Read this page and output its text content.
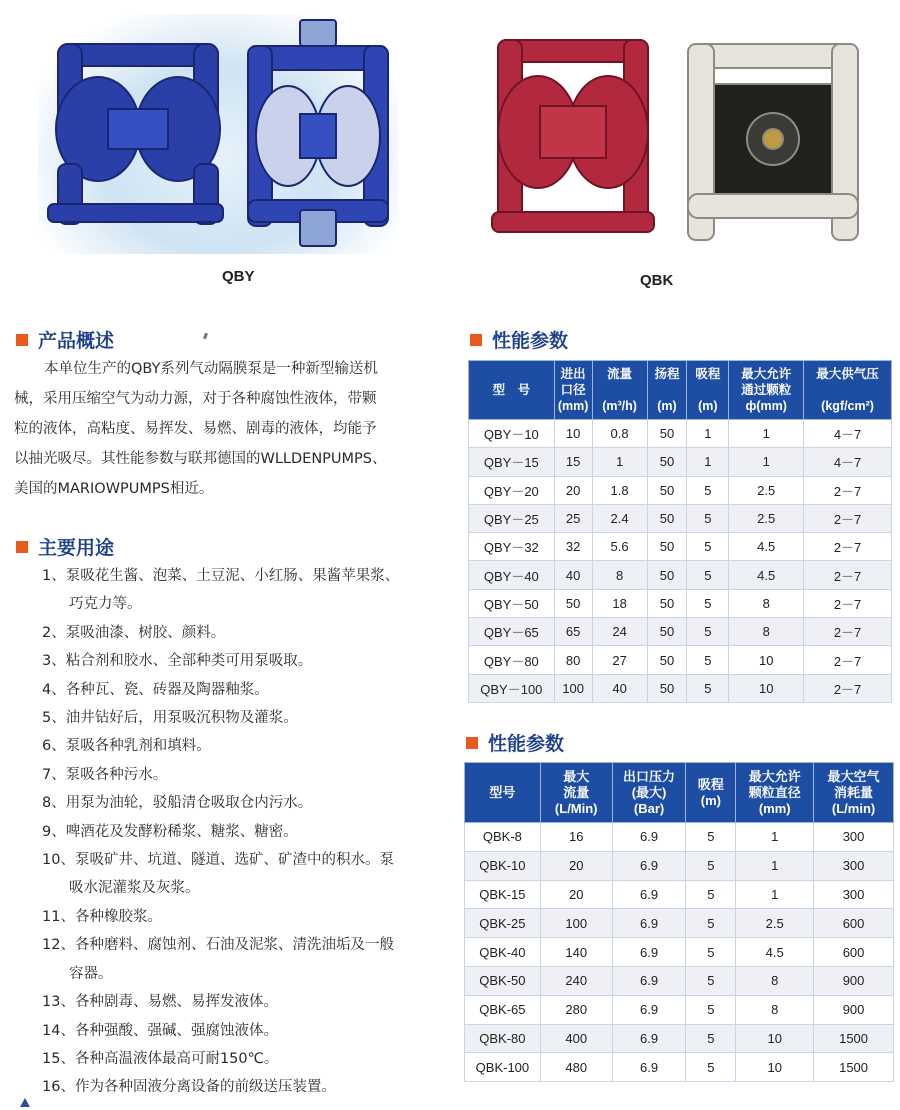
QBY	QBK
产品概述

本单位生产的QBY系列气动隔膜泵是一种新型输送机

械，采用压缩空气为动力源，对于各种腐蚀性液体，带颗

粒的液体，高粘度、易挥发、易燃、剧毒的液体，均能予

以抽光吸尽。其性能参数与联邦德国的WLLDENPUMPS、

美国的MARIOWPUMPS相近。

主要用途
1、泵吸花生酱、泡菜、土豆泥、小红肠、果酱苹果浆、
巧克力等。
2、泵吸油漆、树胶、颜料。
3、粘合剂和胶水、全部种类可用泵吸取。
4、各种瓦、瓷、砖器及陶器釉浆。
5、油井钻好后，用泵吸沉积物及灌浆。
6、泵吸各种乳剂和填料。
7、泵吸各种污水。
8、用泵为油轮，驳船清仓吸取仓内污水。
9、啤酒花及发酵粉稀浆、糖浆、糖密。
10、泵吸矿井、坑道、隧道、选矿、矿渣中的积水。泵
吸水泥灌浆及灰浆。
11、各种橡胶浆。
12、各种磨料、腐蚀剂、石油及泥浆、清洗油垢及一般
容器。
13、各种剧毒、易燃、易挥发液体。
14、各种强酸、强碱、强腐蚀液体。
15、各种高温液体最高可耐150℃。
16、作为各种固液分离设备的前级送压装置。
性能参数
型　号	进出
口径
(mm)	流量

(m³/h)	扬程

(m)	吸程

(m)	最大允许
通过颗粒
ф(mm)	最大供气压

(kgf/cm²)
QBY－10	10	0.8	50	1	1	4－7
QBY－15	15	1	50	1	1	4－7
QBY－20	20	1.8	50	5	2.5	2－7
QBY－25	25	2.4	50	5	2.5	2－7
QBY－32	32	5.6	50	5	4.5	2－7
QBY－40	40	8	50	5	4.5	2－7
QBY－50	50	18	50	5	8	2－7
QBY－65	65	24	50	5	8	2－7
QBY－80	80	27	50	5	10	2－7
QBY－100	100	40	50	5	10	2－7
性能参数
型号	最大
流量
(L/Min)	出口压力
(最大)
(Bar)	吸程
(m)	最大允许
颗粒直径
(mm)	最大空气
消耗量
(L/min)
QBK-8	16	6.9	5	1	300
QBK-10	20	6.9	5	1	300
QBK-15	20	6.9	5	1	300
QBK-25	100	6.9	5	2.5	600
QBK-40	140	6.9	5	4.5	600
QBK-50	240	6.9	5	8	900
QBK-65	280	6.9	5	8	900
QBK-80	400	6.9	5	10	1500
QBK-100	480	6.9	5	10	1500
